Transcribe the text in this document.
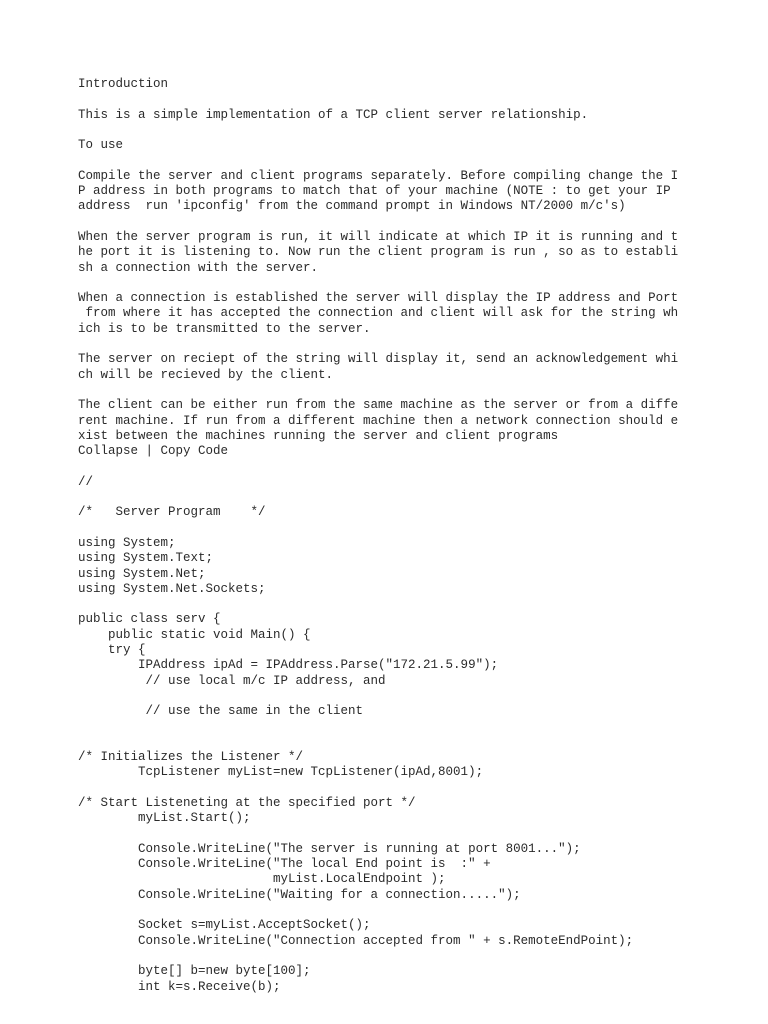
Introduction
This is a simple implementation of a TCP client server relationship.
To use
Compile the server and client programs separately. Before compiling change the I
P address in both programs to match that of your machine (NOTE : to get your IP
address  run 'ipconfig' from the command prompt in Windows NT/2000 m/c's)
When the server program is run, it will indicate at which IP it is running and t
he port it is listening to. Now run the client program is run , so as to establi
sh a connection with the server.
When a connection is established the server will display the IP address and Port
from where it has accepted the connection and client will ask for the string wh
ich is to be transmitted to the server.
The server on reciept of the string will display it, send an acknowledgement whi
ch will be recieved by the client.
The client can be either run from the same machine as the server or from a diffe
rent machine. If run from a different machine then a network connection should e
xist between the machines running the server and client programs
Collapse | Copy Code
//
/*   Server Program    */
using System;
using System.Text;
using System.Net;
using System.Net.Sockets;
public class serv {
public static void Main() {
try {
IPAddress ipAd = IPAddress.Parse("172.21.5.99");
// use local m/c IP address, and
// use the same in the client
/* Initializes the Listener */
TcpListener myList=new TcpListener(ipAd,8001);
/* Start Listeneting at the specified port */
myList.Start();
Console.WriteLine("The server is running at port 8001...");
Console.WriteLine("The local End point is  :" +
myList.LocalEndpoint );
Console.WriteLine("Waiting for a connection.....");
Socket s=myList.AcceptSocket();
Console.WriteLine("Connection accepted from " + s.RemoteEndPoint);
byte[] b=new byte[100];
int k=s.Receive(b);
